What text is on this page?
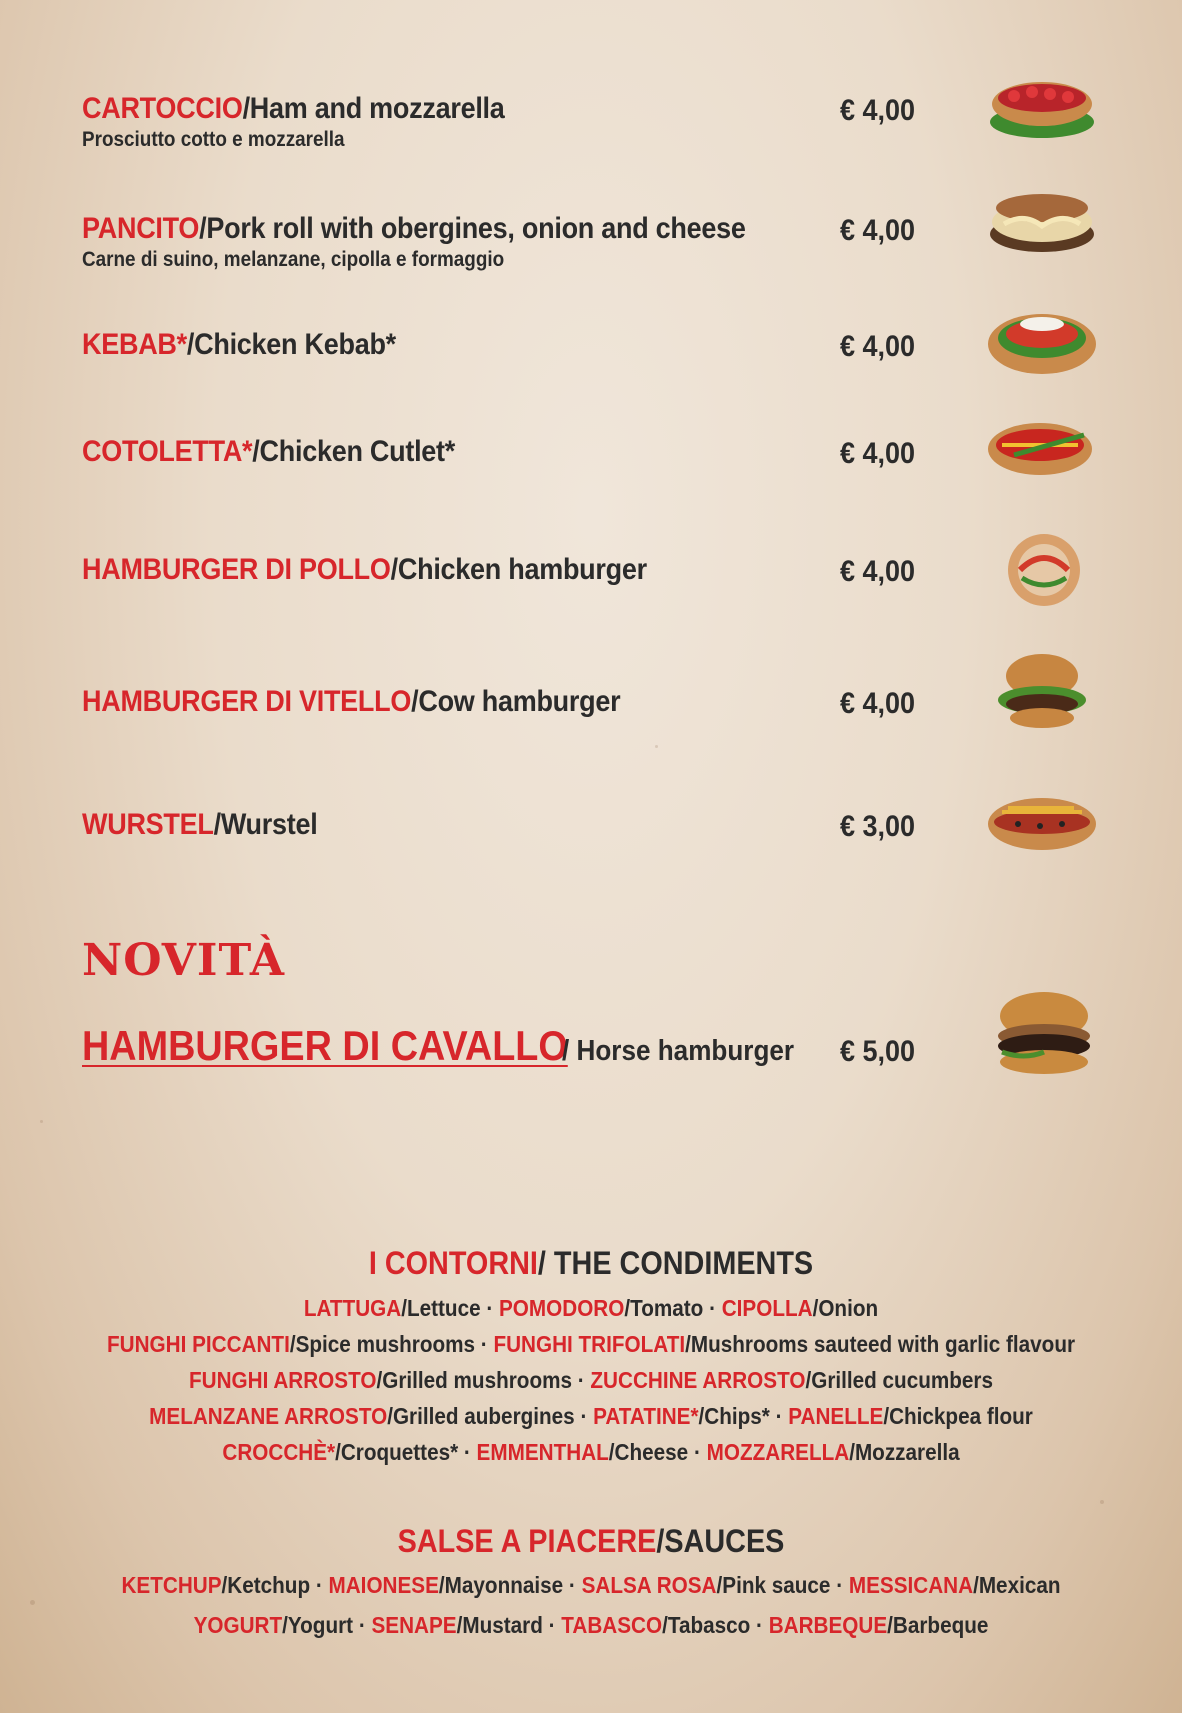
CARTOCCIO/Ham and mozzarella
Prosciutto cotto e mozzarella
€ 4,00
PANCITO/Pork roll with obergines, onion and cheese
Carne di suino, melanzane, cipolla e formaggio
€ 4,00
KEBAB*/Chicken Kebab*	€ 4,00
COTOLETTA*/Chicken Cutlet*	€ 4,00
HAMBURGER DI POLLO/Chicken hamburger	€ 4,00
HAMBURGER DI VITELLO/Cow hamburger	€ 4,00
WURSTEL/Wurstel	€ 3,00
NOVITÀ
HAMBURGER DI CAVALLO
/ Horse hamburger € 5,00
I CONTORNI/ THE CONDIMENTS
LATTUGA/Lettuce · POMODORO/Tomato · CIPOLLA/Onion
FUNGHI PICCANTI/Spice mushrooms · FUNGHI TRIFOLATI/Mushrooms sauteed with garlic flavour
FUNGHI ARROSTO/Grilled mushrooms · ZUCCHINE ARROSTO/Grilled cucumbers
MELANZANE ARROSTO/Grilled aubergines · PATATINE*/Chips* · PANELLE/Chickpea flour
CROCCHÈ*/Croquettes* · EMMENTHAL/Cheese · MOZZARELLA/Mozzarella
SALSE A PIACERE/SAUCES
KETCHUP/Ketchup · MAIONESE/Mayonnaise · SALSA ROSA/Pink sauce · MESSICANA/Mexican
YOGURT/Yogurt · SENAPE/Mustard · TABASCO/Tabasco · BARBEQUE/Barbeque
